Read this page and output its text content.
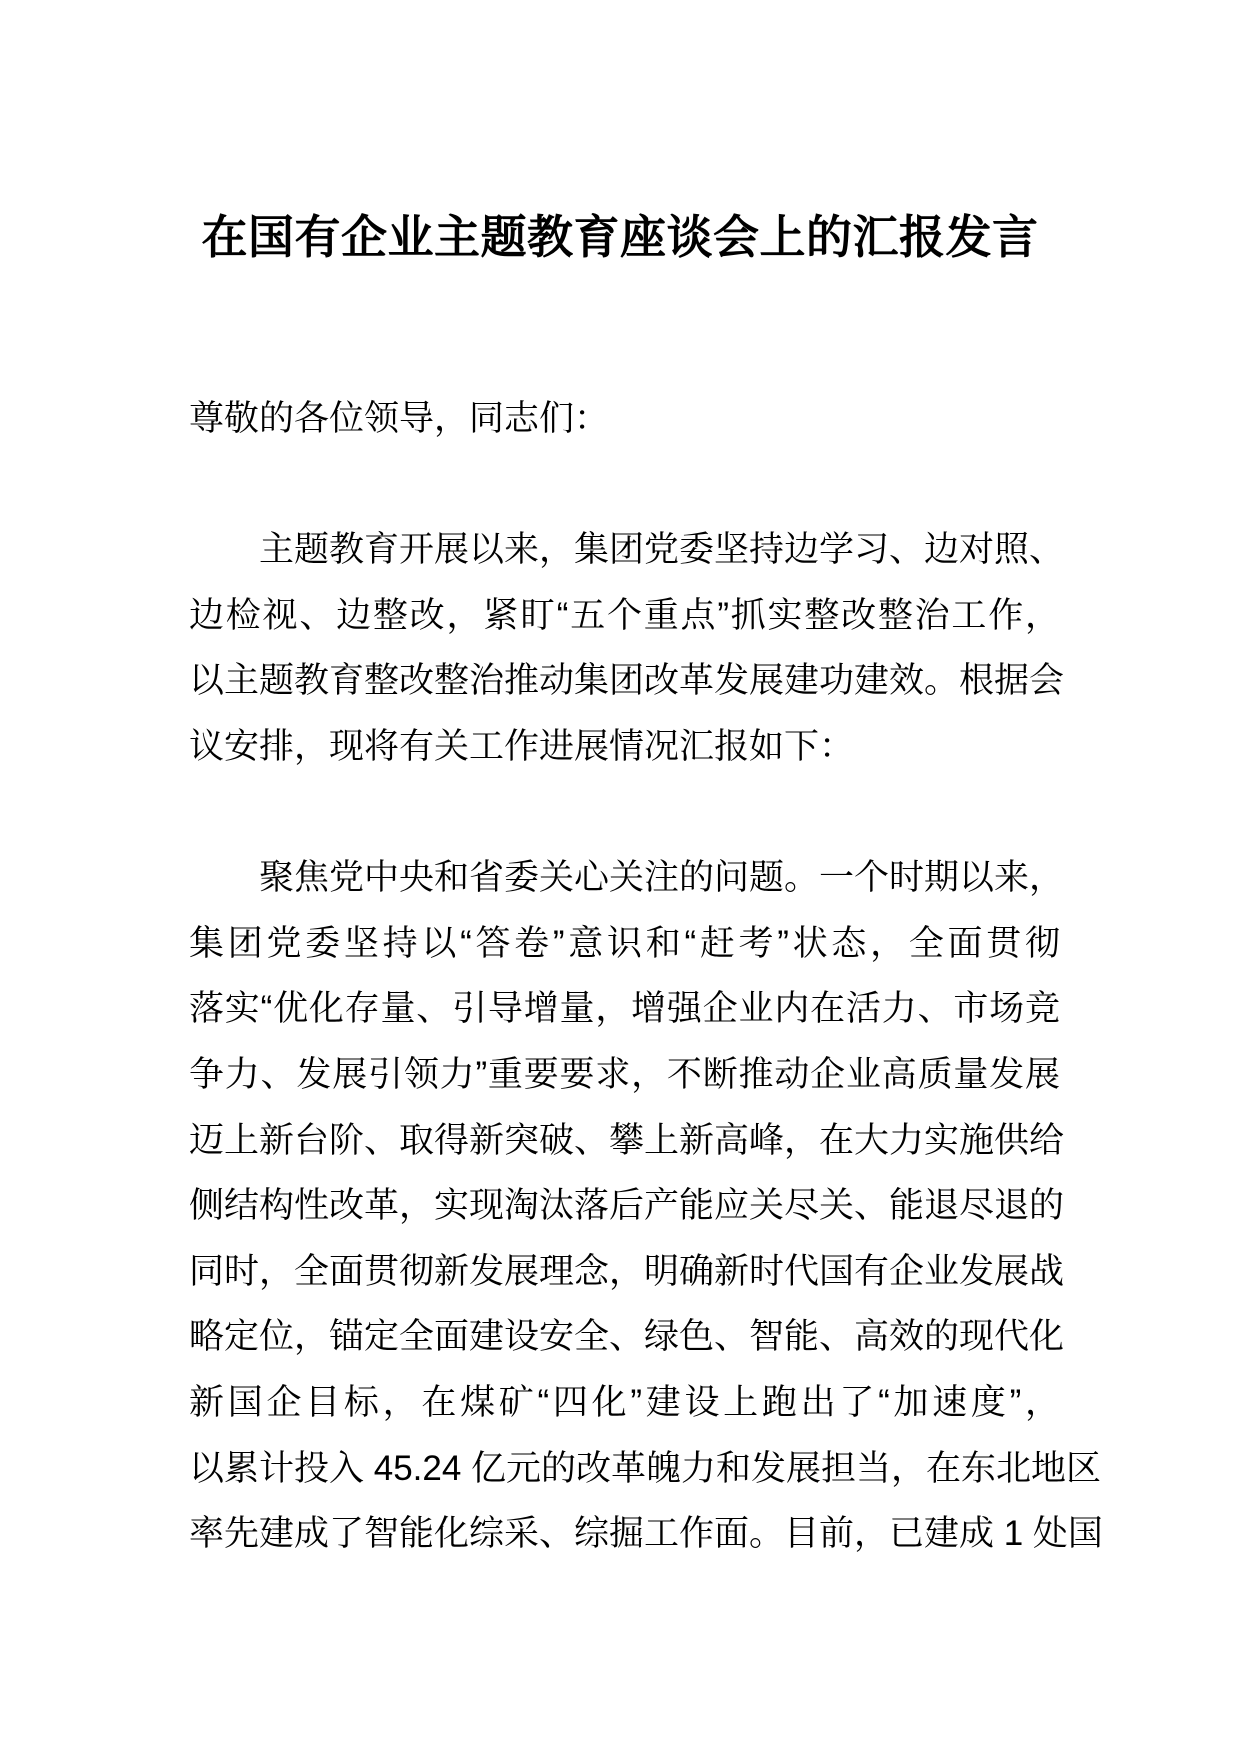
在国有企业主题教育座谈会上的汇报发言
尊敬的各位领导，同志们：
主题教育开展以来，集团党委坚持边学习、边对照、
边检视、边整改，紧盯“五个重点”抓实整改整治工作，
以主题教育整改整治推动集团改革发展建功建效。根据会
议安排，现将有关工作进展情况汇报如下：
聚焦党中央和省委关心关注的问题。一个时期以来，
集团党委坚持以“答卷”意识和“赶考”状态，全面贯彻
落实“优化存量、引导增量，增强企业内在活力、市场竞
争力、发展引领力”重要要求，不断推动企业高质量发展
迈上新台阶、取得新突破、攀上新高峰，在大力实施供给
侧结构性改革，实现淘汰落后产能应关尽关、能退尽退的
同时，全面贯彻新发展理念，明确新时代国有企业发展战
略定位，锚定全面建设安全、绿色、智能、高效的现代化
新国企目标，在煤矿“四化”建设上跑出了“加速度”，
以累计投入 45.24 亿元的改革魄力和发展担当，在东北地区
率先建成了智能化综采、综掘工作面。目前，已建成 1 处国
